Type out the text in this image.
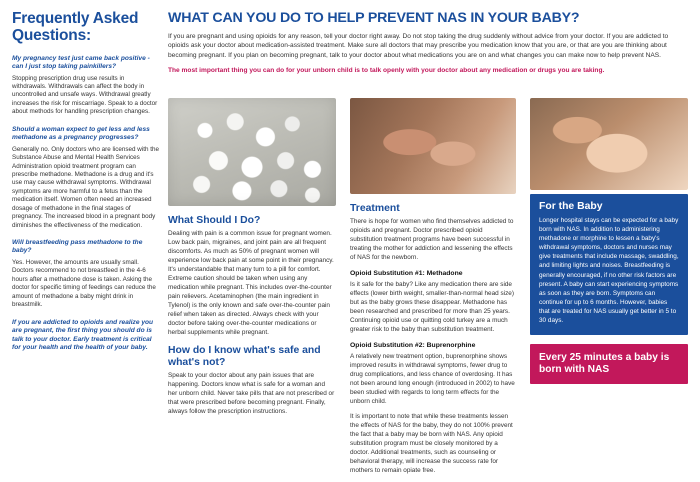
Frequently Asked Questions:

My pregnancy test just came back positive - can I just stop taking painkillers?

Stopping prescription drug use results in withdrawals. Withdrawals can affect the body in uncontrolled and unsafe ways. Withdrawal greatly increases the risk for miscarriage. Speak to a doctor about methods for handling prescription changes.

Should a woman expect to get less and less methadone as a pregnancy progresses?

Generally no. Only doctors who are licensed with the Substance Abuse and Mental Health Services Administration opioid treatment program can prescribe methadone. Methadone is a drug and it's use may cause withdrawal symptoms. Withdrawal symptoms are more harmful to a fetus than the medication itself. Women often need an increased dosage of methadone in the final stages of pregnancy. The increased blood in a pregnant body diminishes the effectiveness of the medication.

Will breastfeeding pass methadone to the baby?

Yes. However, the amounts are usually small. Doctors recommend to not breastfeed in the 4-6 hours after a methadone dose is taken. Asking the doctor for specific timing of feedings can reduce the amount of methadone a baby might drink in breastmilk.

If you are addicted to opioids and realize you are pregnant, the first thing you should do is talk to your doctor. Early treatment is critical for your health and the health of your baby.

WHAT CAN YOU DO TO HELP PREVENT NAS IN YOUR BABY?

If you are pregnant and using opioids for any reason, tell your doctor right away. Do not stop taking the drug suddenly without advice from your doctor. If you are addicted to opioids ask your doctor about medication-assisted treatment. Make sure all doctors that may prescribe you medication know that you are, or that are you are thinking about becoming pregnant. If you plan on becoming pregnant, talk to your doctor about what medications you are on and what changes you can make now to help prevent NAS.

The most important thing you can do for your unborn child is to talk openly with your doctor about any medication or drugs you are taking.

What Should I Do?

Dealing with pain is a common issue for pregnant women. Low back pain, migraines, and joint pain are all frequent discomforts. As much as 50% of pregnant women will experience low back pain at some point in their pregnancy. It's understandable that many turn to a pill for comfort. Extreme caution should be taken when using any medication while pregnant. This includes over-the-counter pain relievers. Acetaminophen (the main ingredient in Tylenol) is the only known and safe over-the-counter pain relief when taken as directed. Always check with your doctor before taking over-the-counter medications or herbal supplements while pregnant.

How do I know what's safe and what's not?

Speak to your doctor about any pain issues that are happening. Doctors know what is safe for a woman and her unborn child. Never take pills that are not prescribed or that were prescribed before becoming pregnant. Finally, always follow the prescription instructions.

Treatment

There is hope for women who find themselves addicted to opioids and pregnant. Doctor prescribed opioid substitution treatment programs have been successful in treating the mother for addiction and lessening the effects of NAS for the newborn.

Opioid Substitution #1: Methadone

Is it safe for the baby? Like any medication there are side effects (lower birth weight, smaller-than-normal head size) but as the baby grows these disappear. Methadone has been researched and prescribed for more than 25 years. Continuing opioid use or quitting cold turkey are a much greater risk to the baby than substitution treatment.

Opioid Substitution #2: Buprenorphine

A relatively new treatment option, buprenorphine shows improved results in withdrawal symptoms, fewer drug to drug complications, and less chance of overdosing. It has not been around long enough (introduced in 2002) to have been studied with regards to long term effects for the unborn child.

It is important to note that while these treatments lessen the effects of NAS for the baby, they do not 100% prevent the fact that a baby may be born with NAS. Any opioid substitution program must be closely monitored by a doctor. Additional treatments, such as counseling or behavioral therapy, will increase the success rate for mothers to remain opiate free.

For the Baby

Longer hospital stays can be expected for a baby born with NAS. In addition to administering methadone or morphine to lessen a baby's withdrawal symptoms, doctors and nurses may give treatments that include massage, swaddling, and limiting lights and noises. Breastfeeding is generally encouraged, if no other risk factors are present. A baby can start experiencing symptoms as soon as they are born. Symptoms can continue for up to 6 months. However, babies that are treated for NAS usually get better in 5 to 30 days.

Every 25 minutes a baby is born with NAS
